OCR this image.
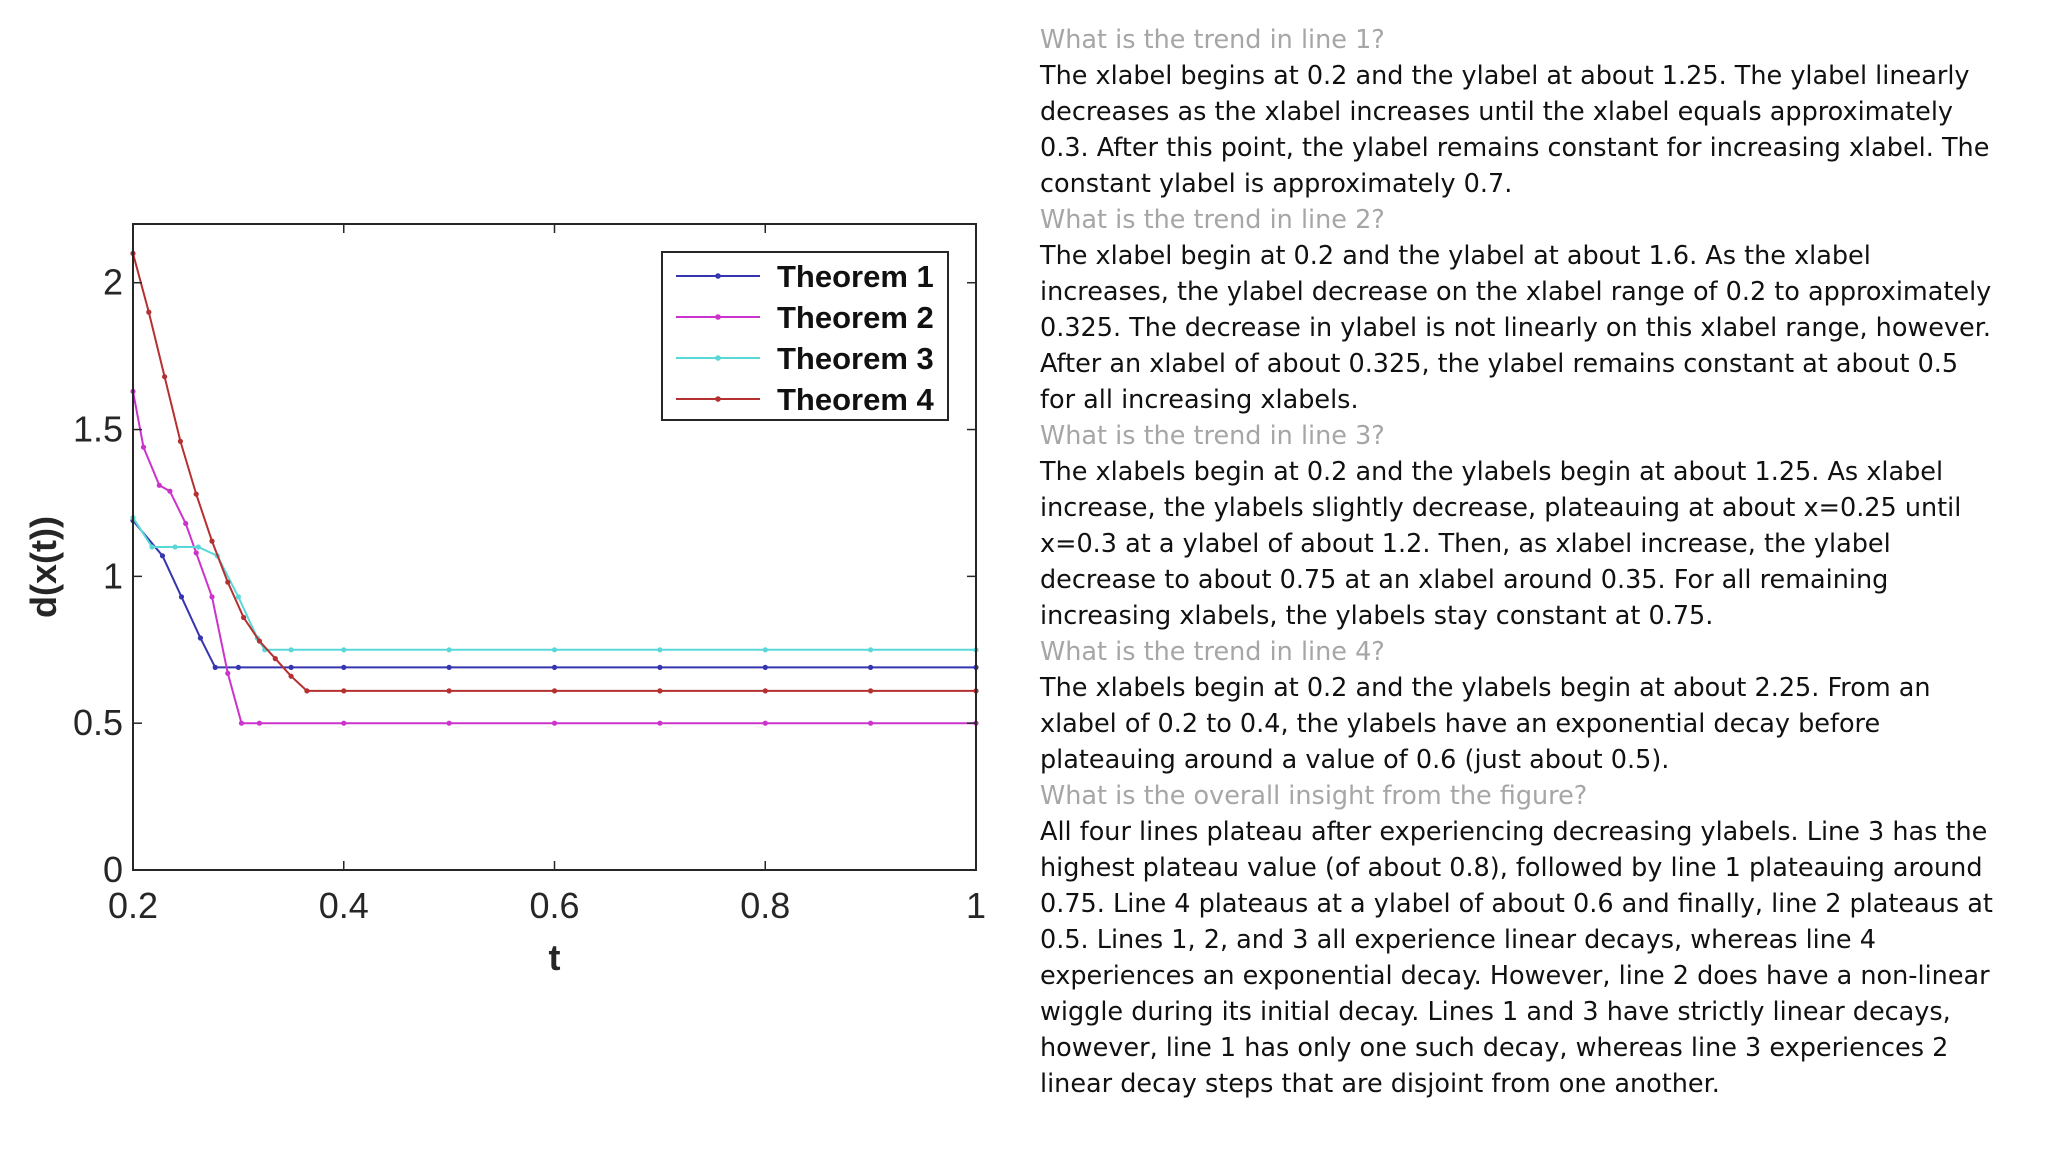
0.2	0.4	0.6	0.8	1
0
0.5
1
1.5
2
t
d(x(t))
Theorem 1
Theorem 2
Theorem 3
Theorem 4

What is the trend in line 1?

The xlabel begins at 0.2 and the ylabel at about 1.25. The ylabel linearly decreases as the xlabel increases until the xlabel equals approximately 0.3. After this point, the ylabel remains constant for increasing xlabel. The constant ylabel is approximately 0.7.

What is the trend in line 2?

The xlabel begin at 0.2 and the ylabel at about 1.6. As the xlabel increases, the ylabel decrease on the xlabel range of 0.2 to approximately 0.325. The decrease in ylabel is not linearly on this xlabel range, however. After an xlabel of about 0.325, the ylabel remains constant at about 0.5 for all increasing xlabels.

What is the trend in line 3?

The xlabels begin at 0.2 and the ylabels begin at about 1.25. As xlabel increase, the ylabels slightly decrease, plateauing at about x=0.25 until x=0.3 at a ylabel of about 1.2. Then, as xlabel increase, the ylabel decrease to about 0.75 at an xlabel around 0.35. For all remaining increasing xlabels, the ylabels stay constant at 0.75.

What is the trend in line 4?

The xlabels begin at 0.2 and the ylabels begin at about 2.25. From an xlabel of 0.2 to 0.4, the ylabels have an exponential decay before plateauing around a value of 0.6 (just about 0.5).

What is the overall insight from the figure?

All four lines plateau after experiencing decreasing ylabels. Line 3 has the highest plateau value (of about 0.8), followed by line 1 plateauing around 0.75. Line 4 plateaus at a ylabel of about 0.6 and finally, line 2 plateaus at 0.5. Lines 1, 2, and 3 all experience linear decays, whereas line 4 experiences an exponential decay. However, line 2 does have a non-linear wiggle during its initial decay. Lines 1 and 3 have strictly linear decays, however, line 1 has only one such decay, whereas line 3 experiences 2 linear decay steps that are disjoint from one another.
